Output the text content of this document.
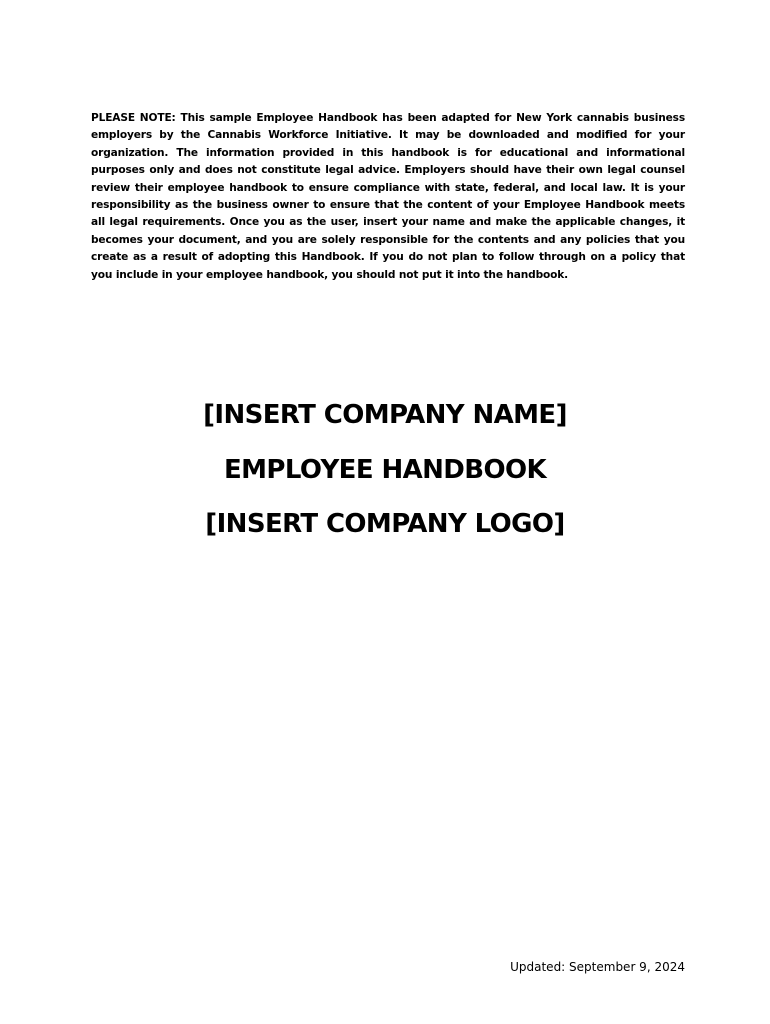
PLEASE NOTE: This sample Employee Handbook has been adapted for New York cannabis business employers by the Cannabis Workforce Initiative. It may be downloaded and modified for your organization. The information provided in this handbook is for educational and informational purposes only and does not constitute legal advice. Employers should have their own legal counsel review their employee handbook to ensure compliance with state, federal, and local law. It is your responsibility as the business owner to ensure that the content of your Employee Handbook meets all legal requirements. Once you as the user, insert your name and make the applicable changes, it becomes your document, and you are solely responsible for the contents and any policies that you create as a result of adopting this Handbook. If you do not plan to follow through on a policy that you include in your employee handbook, you should not put it into the handbook.

[INSERT COMPANY NAME]
EMPLOYEE HANDBOOK
[INSERT COMPANY LOGO]

Updated: September 9, 2024
